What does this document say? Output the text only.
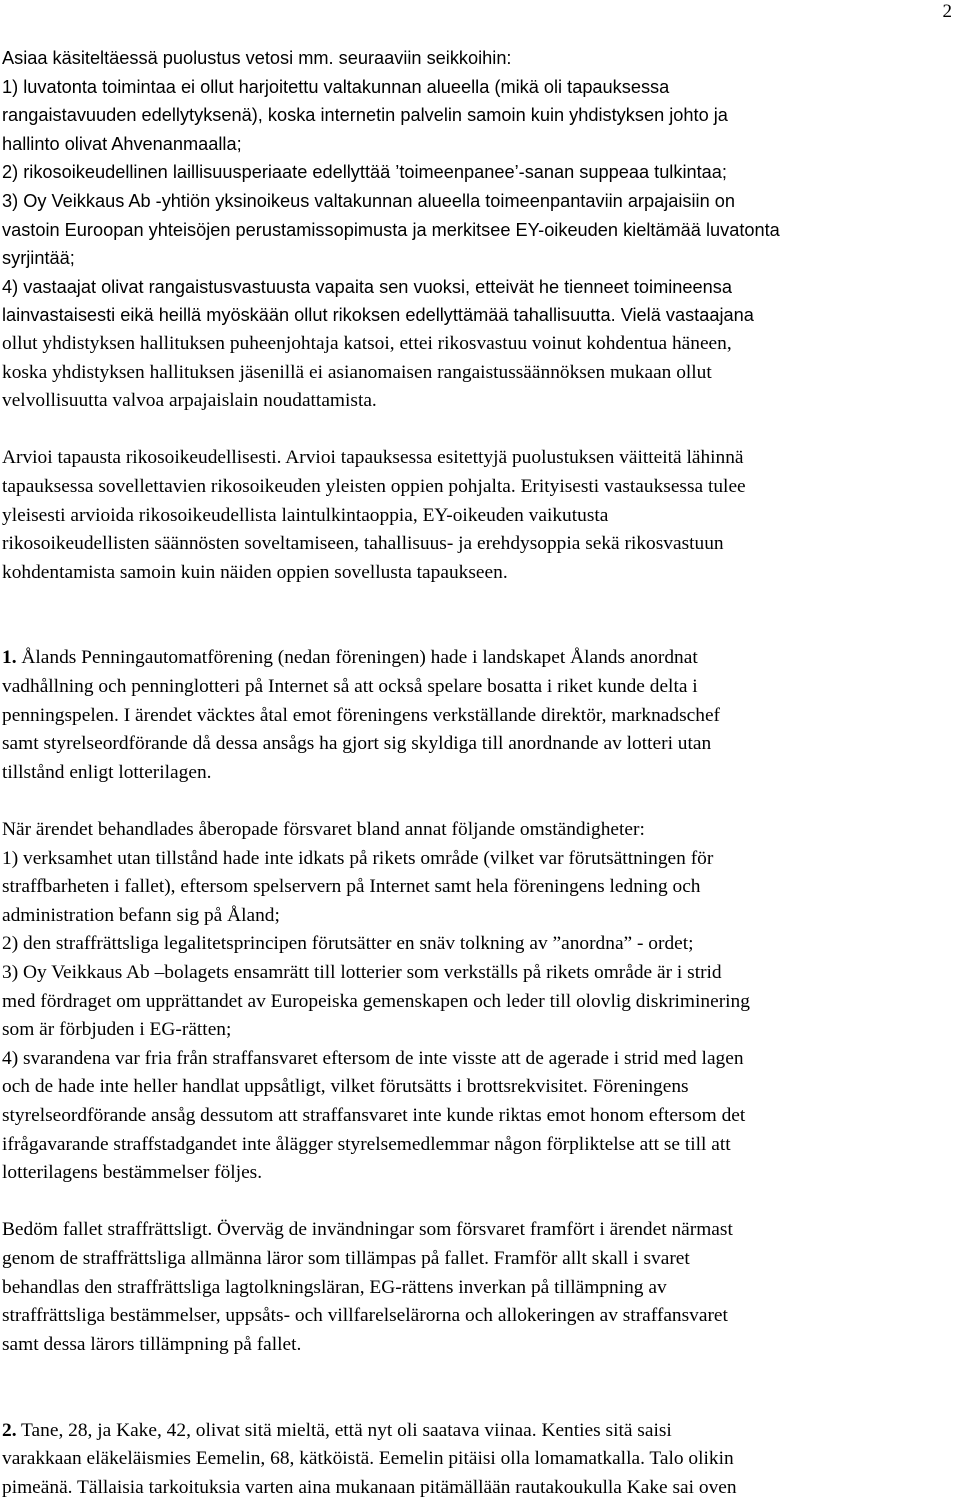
2
Asiaa käsiteltäessä puolustus vetosi mm. seuraaviin seikkoihin:
1) luvatonta toimintaa ei ollut harjoitettu valtakunnan alueella (mikä oli tapauksessa
rangaistavuuden edellytyksenä), koska internetin palvelin samoin kuin yhdistyksen johto ja
hallinto olivat Ahvenanmaalla;
2) rikosoikeudellinen laillisuusperiaate edellyttää ’toimeenpanee’-sanan suppeaa tulkintaa;
3) Oy Veikkaus Ab -yhtiön yksinoikeus valtakunnan alueella toimeenpantaviin arpajaisiin on
vastoin Euroopan yhteisöjen perustamissopimusta ja merkitsee EY-oikeuden kieltämää luvatonta
syrjintää;
4) vastaajat olivat rangaistusvastuusta vapaita sen vuoksi, etteivät he tienneet toimineensa
lainvastaisesti eikä heillä myöskään ollut rikoksen edellyttämää tahallisuutta. Vielä vastaajana
ollut yhdistyksen hallituksen puheenjohtaja katsoi, ettei rikosvastuu voinut kohdentua häneen,
koska yhdistyksen hallituksen jäsenillä ei asianomaisen rangaistussäännöksen mukaan ollut
velvollisuutta valvoa arpajaislain noudattamista.
Arvioi tapausta rikosoikeudellisesti. Arvioi tapauksessa esitettyjä puolustuksen väitteitä lähinnä
tapauksessa sovellettavien rikosoikeuden yleisten oppien pohjalta. Erityisesti vastauksessa tulee
yleisesti arvioida rikosoikeudellista laintulkintaoppia, EY-oikeuden vaikutusta
rikosoikeudellisten säännösten soveltamiseen, tahallisuus- ja erehdysoppia sekä rikosvastuun
kohdentamista samoin kuin näiden oppien sovellusta tapaukseen.
1. Ålands Penningautomatförening (nedan föreningen) hade i landskapet Ålands anordnat
vadhållning och penninglotteri på Internet så att också spelare bosatta i riket kunde delta i
penningspelen. I ärendet väcktes åtal emot föreningens verkställande direktör, marknadschef
samt styrelseordförande då dessa ansågs ha gjort sig skyldiga till anordnande av lotteri utan
tillstånd enligt lotterilagen.
När ärendet behandlades åberopade försvaret bland annat följande omständigheter:
1) verksamhet utan tillstånd hade inte idkats på rikets område (vilket var förutsättningen för
straffbarheten i fallet), eftersom spelservern på Internet samt hela föreningens ledning och
administration befann sig på Åland;
2) den straffrättsliga legalitetsprincipen förutsätter en snäv tolkning av ”anordna” - ordet;
3) Oy Veikkaus Ab –bolagets ensamrätt till lotterier som verkställs på rikets område är i strid
med fördraget om upprättandet av Europeiska gemenskapen och leder till olovlig diskriminering
som är förbjuden i EG-rätten;
4) svarandena var fria från straffansvaret eftersom de inte visste att de agerade i strid med lagen
och de hade inte heller handlat uppsåtligt, vilket förutsätts i brottsrekvisitet. Föreningens
styrelseordförande ansåg dessutom att straffansvaret inte kunde riktas emot honom eftersom det
ifrågavarande straffstadgandet inte ålägger styrelsemedlemmar någon förpliktelse att se till att
lotterilagens bestämmelser följes.
Bedöm fallet straffrättsligt. Överväg de invändningar som försvaret framfört i ärendet närmast
genom de straffrättsliga allmänna läror som tillämpas på fallet. Framför allt skall i svaret
behandlas den straffrättsliga lagtolkningsläran, EG-rättens inverkan på tillämpning av
straffrättsliga bestämmelser, uppsåts- och villfarelselärorna och allokeringen av straffansvaret
samt dessa lärors tillämpning på fallet.
2. Tane, 28, ja Kake, 42, olivat sitä mieltä, että nyt oli saatava viinaa. Kenties sitä saisi
varakkaan eläkeläismies Eemelin, 68, kätköistä. Eemelin pitäisi olla lomamatkalla. Talo olikin
pimeänä. Tällaisia tarkoituksia varten aina mukanaan pitämällään rautakoukulla Kake sai oven
